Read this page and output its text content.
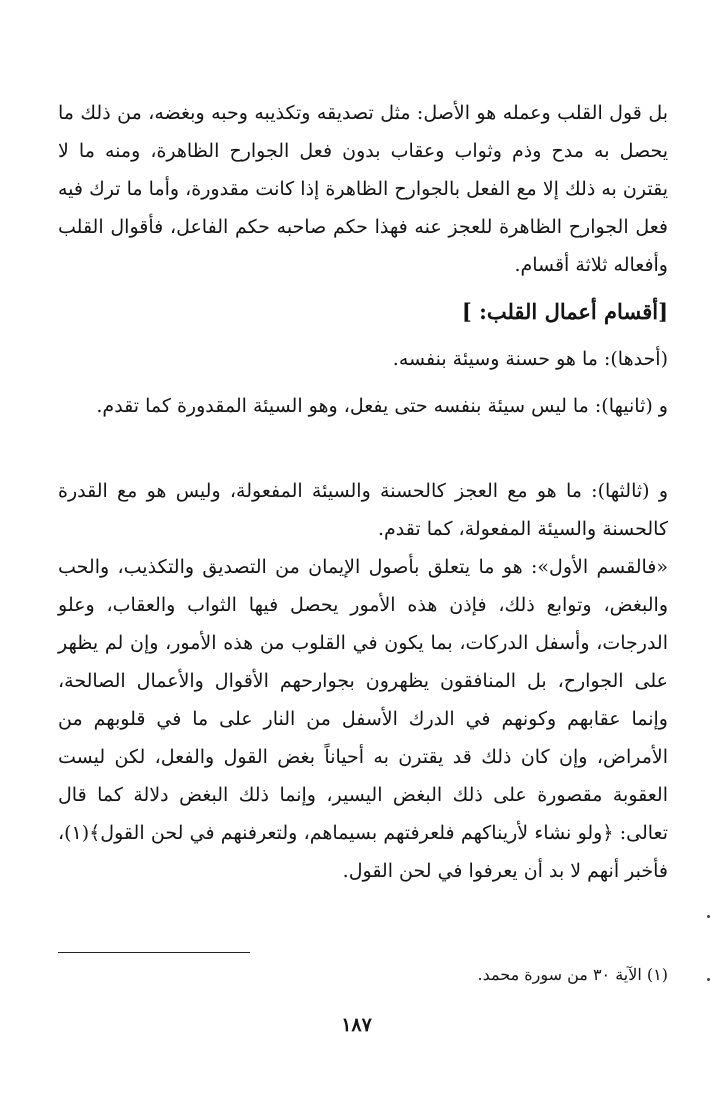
بل قول القلب وعمله هو الأصل: مثل تصديقه وتكذيبه وحبه وبغضه، من ذلك ما يحصل به مدح وذم وثواب وعقاب بدون فعل الجوارح الظاهرة، ومنه ما لا يقترن به ذلك إلا مع الفعل بالجوارح الظاهرة إذا كانت مقدورة، وأما ما ترك فيه فعل الجوارح الظاهرة للعجز عنه فهذا حكم صاحبه حكم الفاعل، فأقوال القلب وأفعاله ثلاثة أقسام.
[أقسام أعمال القلب: ]
(أحدها): ما هو حسنة وسيئة بنفسه.
و (ثانيها): ما ليس سيئة بنفسه حتى يفعل، وهو السيئة المقدورة كما تقدم.
و (ثالثها): ما هو مع العجز كالحسنة والسيئة المفعولة، وليس هو مع القدرة كالحسنة والسيئة المفعولة، كما تقدم.
«فالقسم الأول»: هو ما يتعلق بأصول الإيمان من التصديق والتكذيب، والحب والبغض، وتوابع ذلك، فإذن هذه الأمور يحصل فيها الثواب والعقاب، وعلو الدرجات، وأسفل الدركات، بما يكون في القلوب من هذه الأمور، وإن لم يظهر على الجوارح، بل المنافقون يظهرون بجوارحهم الأقوال والأعمال الصالحة، وإنما عقابهم وكونهم في الدرك الأسفل من النار على ما في قلوبهم من الأمراض، وإن كان ذلك قد يقترن به أحياناً بغض القول والفعل، لكن ليست العقوبة مقصورة على ذلك البغض اليسير، وإنما ذلك البغض دلالة كما قال تعالى: ﴿ولو نشاء لأريناكهم فلعرفتهم بسيماهم، ولتعرفنهم في لحن القول﴾(١)، فأخبر أنهم لا بد أن يعرفوا في لحن القول.
(١) الآية ٣٠ من سورة محمد.
١٨٧
